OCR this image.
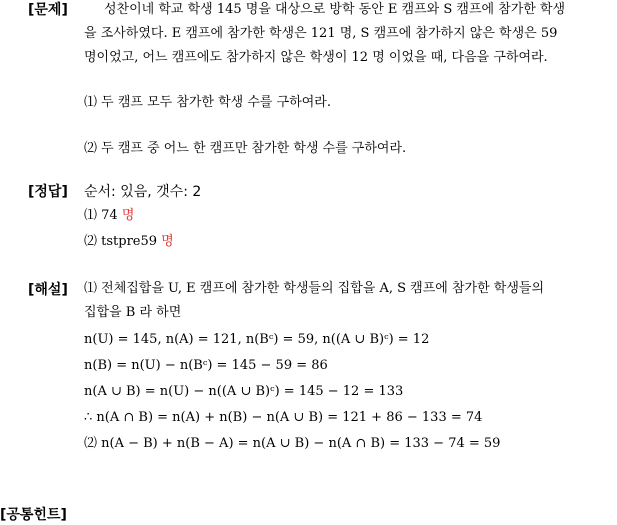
[문제]	성찬이네 학교 학생 145 명을 대상으로 방학 동안 E 캠프와 S 캠프에 참가한 학생
을 조사하였다. E 캠프에 참가한 학생은 121 명, S 캠프에 참가하지 않은 학생은 59
명이었고, 어느 캠프에도 참가하지 않은 학생이 12 명 이었을 때, 다음을 구하여라.
⑴ 두 캠프 모두 참가한 학생 수를 구하여라.
⑵ 두 캠프 중 어느 한 캠프만 참가한 학생 수를 구하여라.
[정답] 순서: 있음, 갯수: 2
⑴ 74 명
⑵ tstpre59 명
[해설] ⑴ 전체집합을 U, E 캠프에 참가한 학생들의 집합을 A, S 캠프에 참가한 학생들의
집합을 B 라 하면
n(U) = 145, n(A) = 121, n(Bᶜ) = 59, n((A ∪ B)ᶜ) = 12
n(B) = n(U) − n(Bᶜ) = 145 − 59 = 86
n(A ∪ B) = n(U) − n((A ∪ B)ᶜ) = 145 − 12 = 133
∴ n(A ∩ B) = n(A) + n(B) − n(A ∪ B) = 121 + 86 − 133 = 74
⑵ n(A − B) + n(B − A) = n(A ∪ B) − n(A ∩ B) = 133 − 74 = 59
[공통힌트]
